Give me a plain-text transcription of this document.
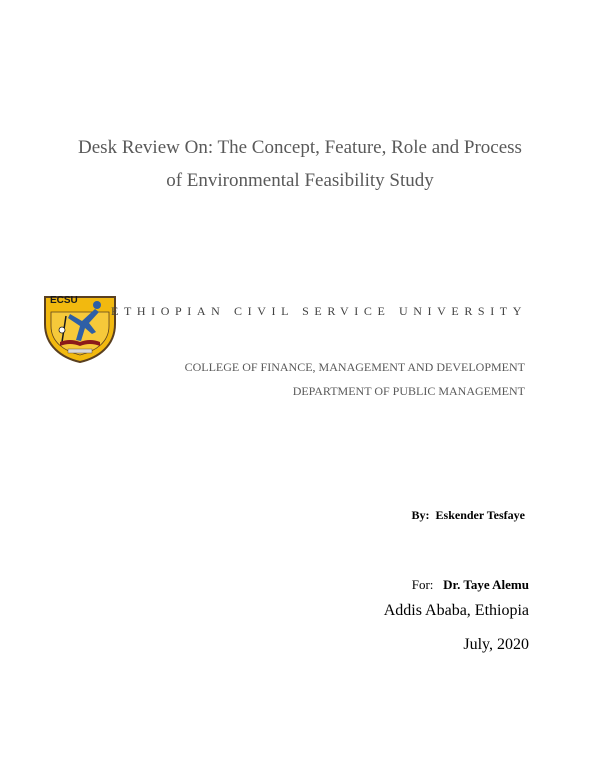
Desk Review On: The Concept, Feature, Role and Process
of Environmental Feasibility Study
ECSU
ETHIOPIAN CIVIL SERVICE UNIVERSITY
COLLEGE OF FINANCE, MANAGEMENT AND DEVELOPMENT
DEPARTMENT OF PUBLIC MANAGEMENT
By: Eskender Tesfaye
For: Dr. Taye Alemu
Addis Ababa, Ethiopia
July, 2020
